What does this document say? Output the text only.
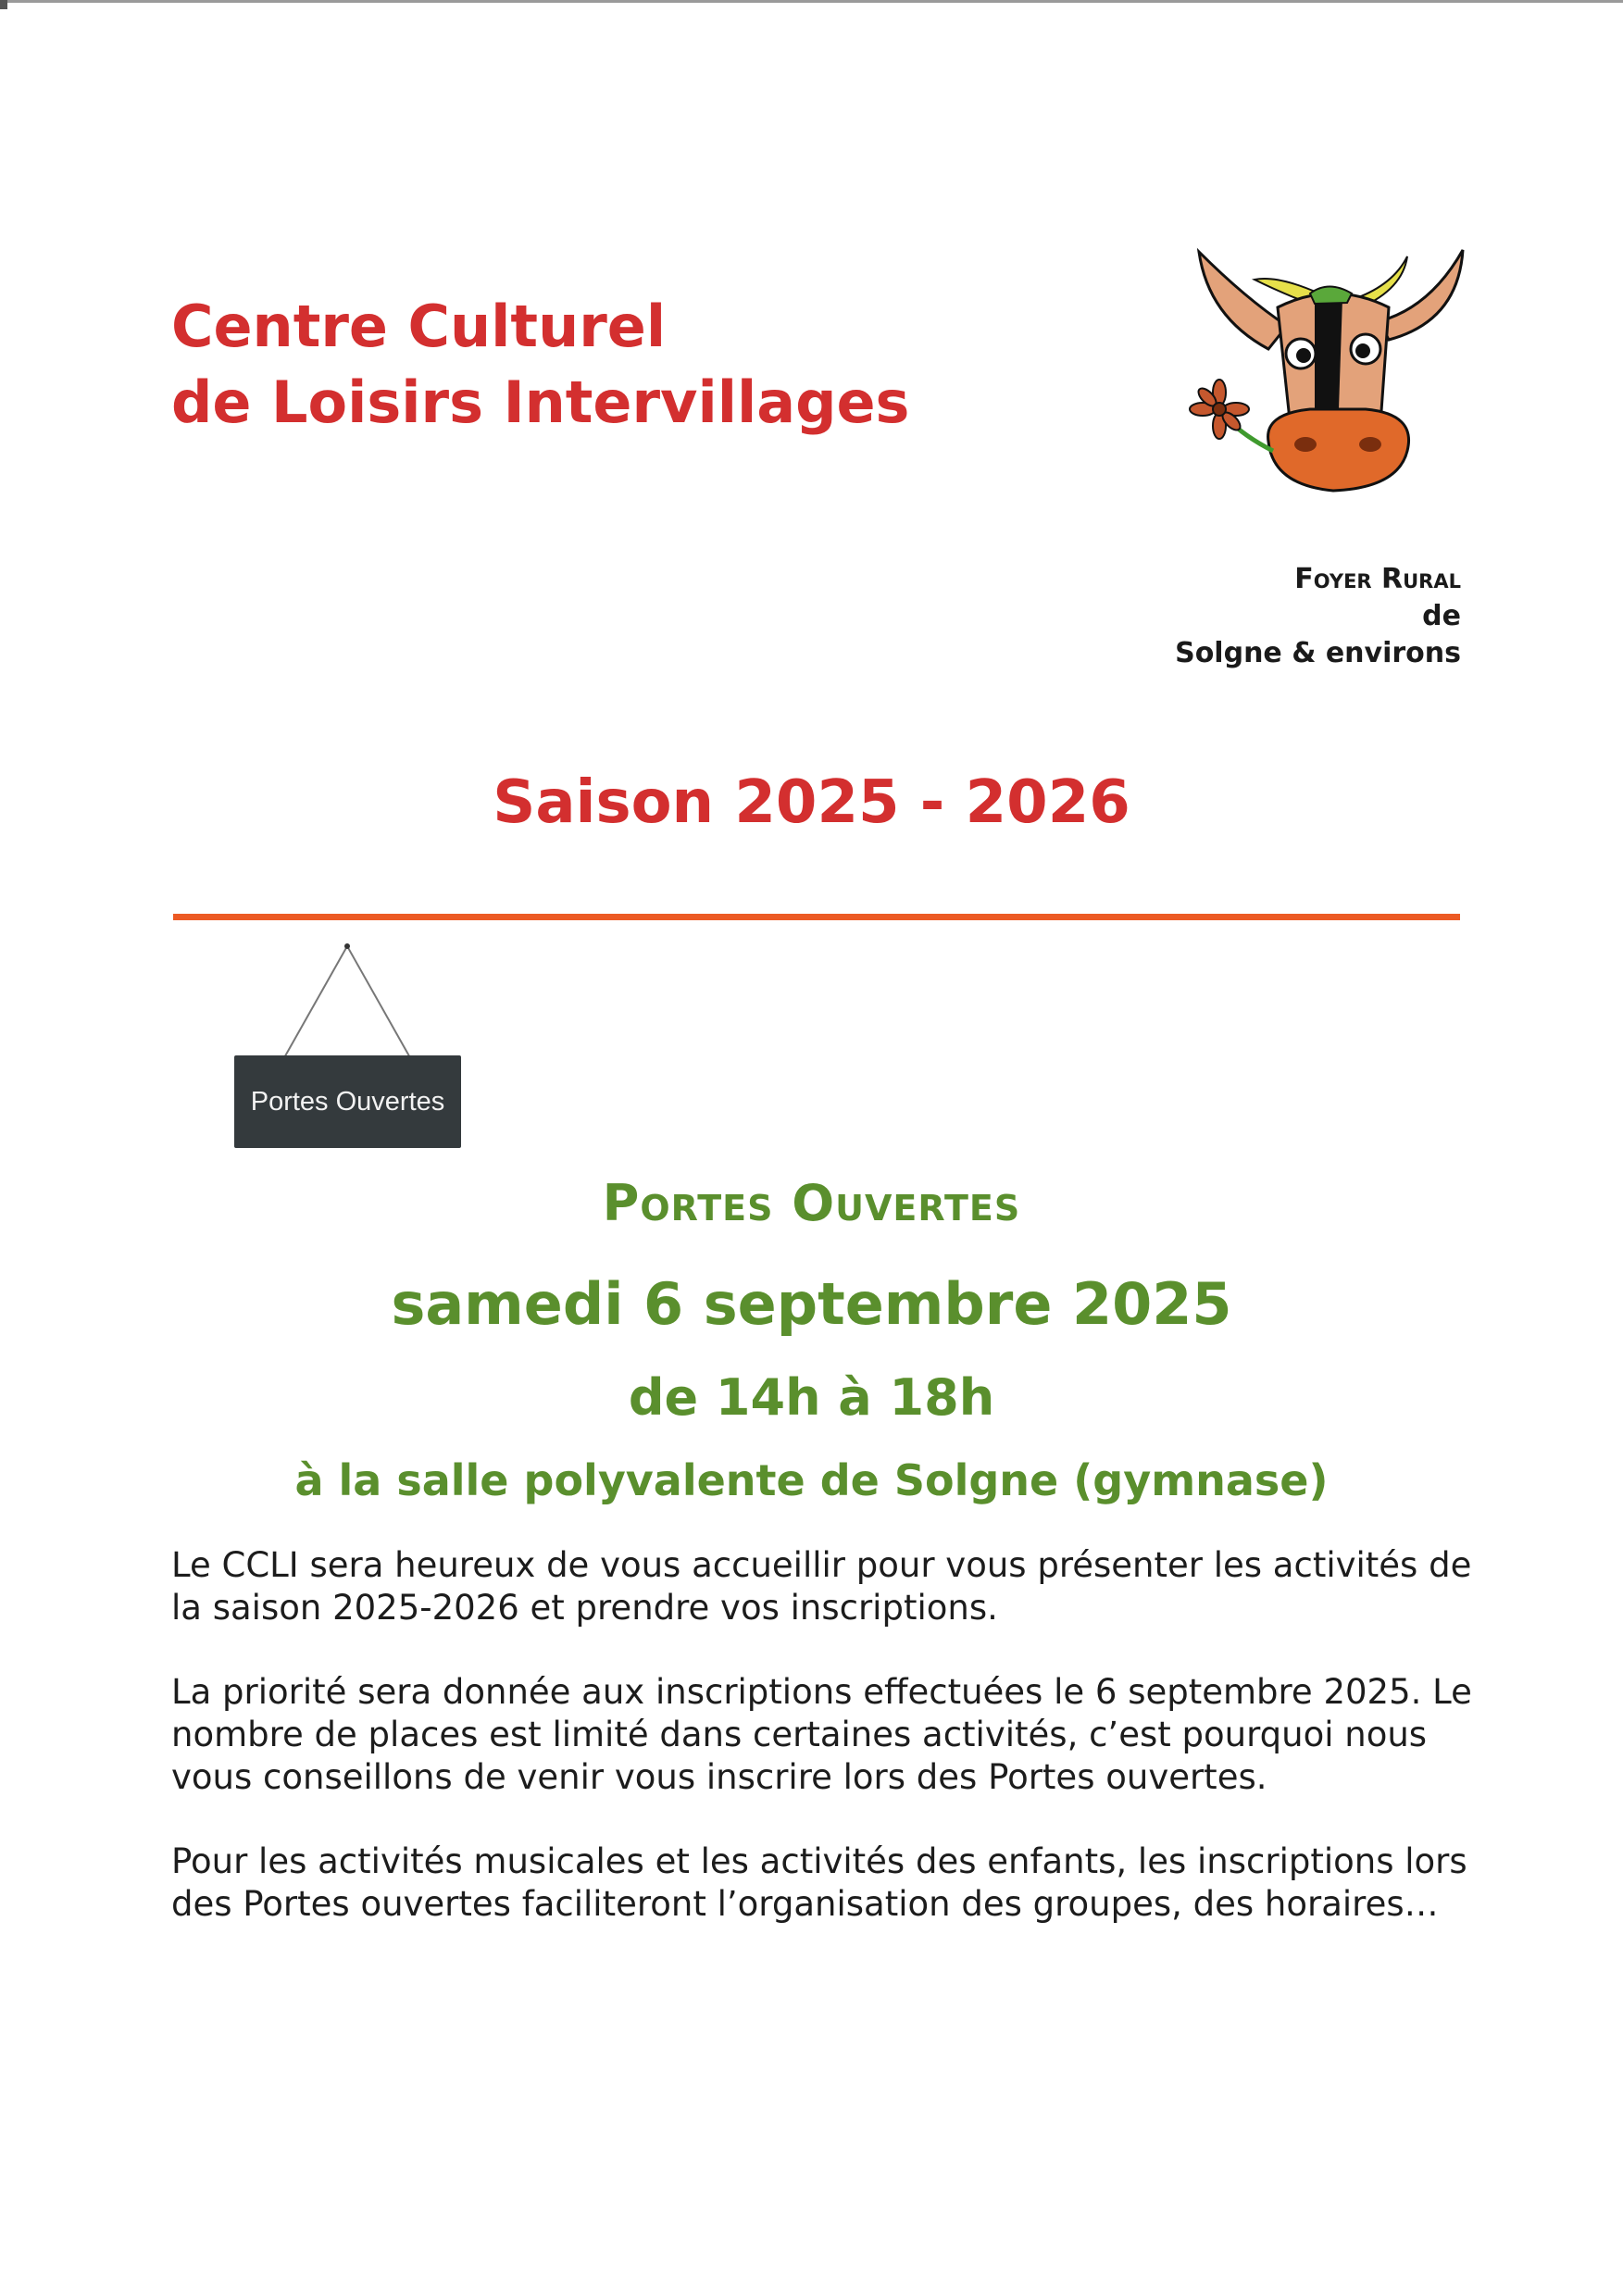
Centre Culturel
de Loisirs Intervillages
Foyer Rural
de
Solgne & environs
Saison 2025 - 2026
Portes Ouvertes
Portes Ouvertes
samedi 6 septembre 2025
de 14h à 18h
à la salle polyvalente de Solgne (gymnase)

Le CCLI sera heureux de vous accueillir pour vous présenter les activités de la saison 2025-2026 et prendre vos inscriptions.

La priorité sera donnée aux inscriptions effectuées le 6 septembre 2025. Le nombre de places est limité dans certaines activités, c’est pourquoi nous vous conseillons de venir vous inscrire lors des Portes ouvertes.

Pour les activités musicales et les activités des enfants, les inscriptions lors des Portes ouvertes faciliteront l’organisation des groupes, des horaires…
